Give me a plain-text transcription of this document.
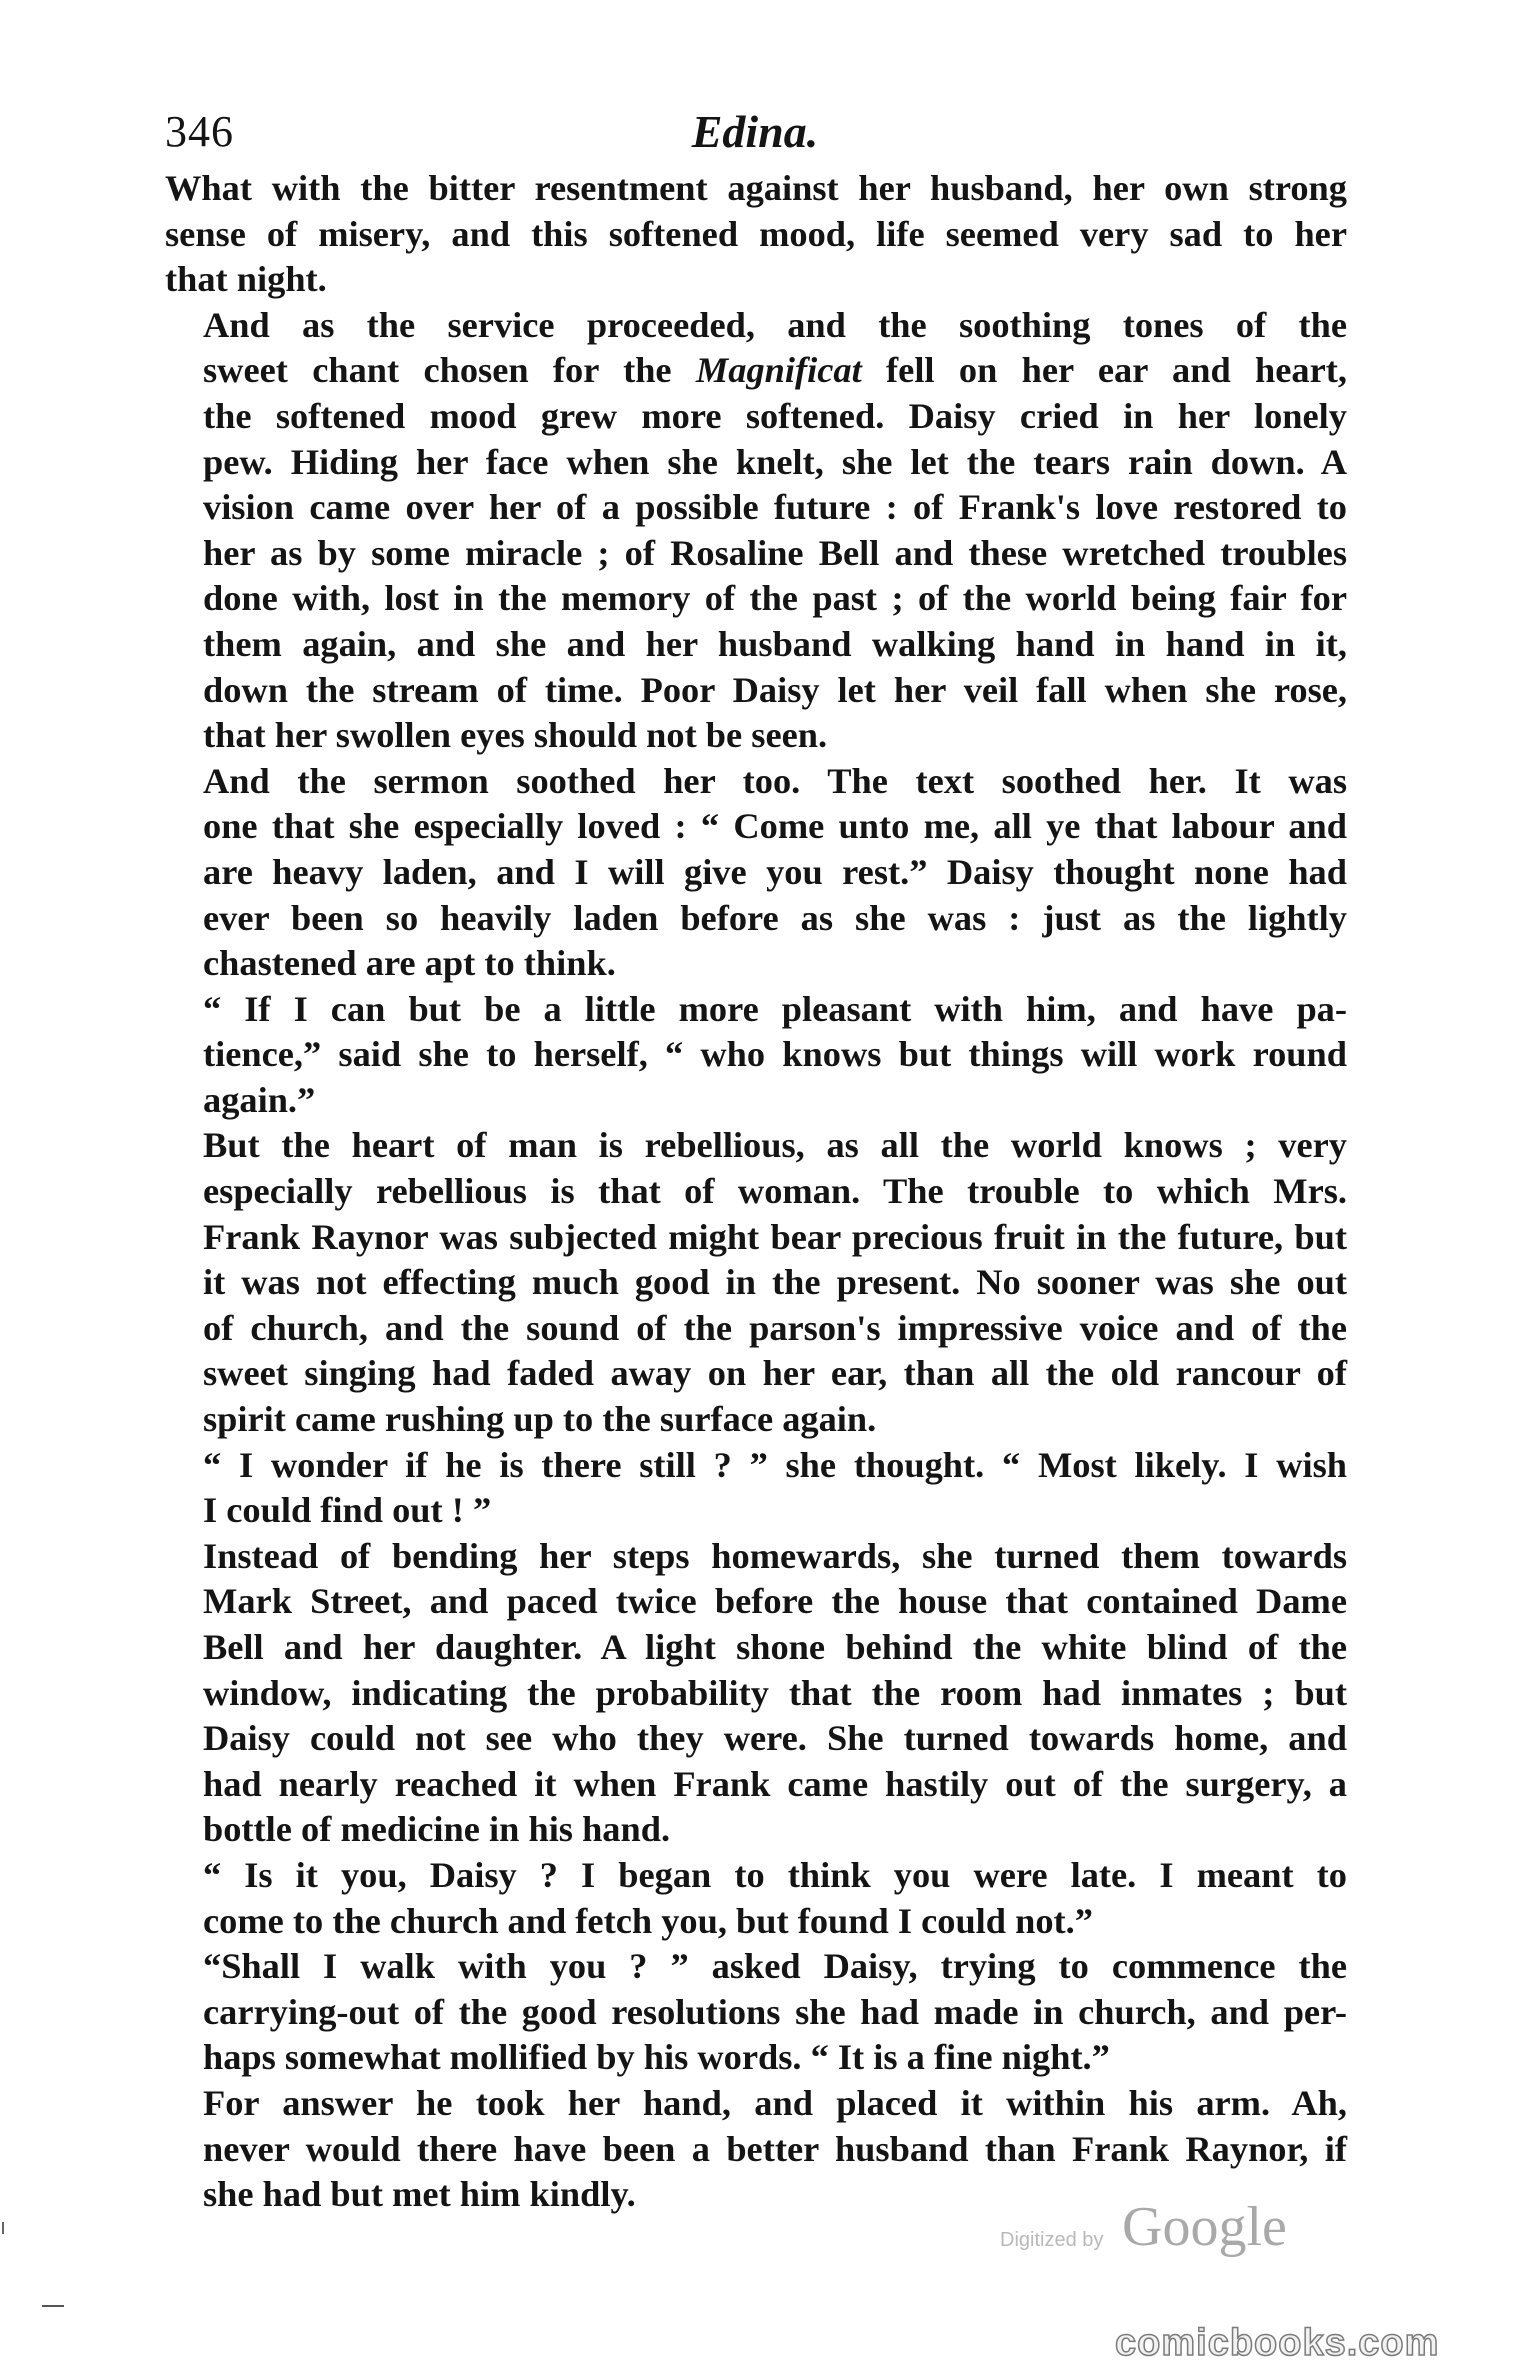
346	Edina.

What with the bitter resentment against her husband, her own strong
sense of misery, and this softened mood, life seemed very sad to her
that night.

And as the service proceeded, and the soothing tones of the
sweet chant chosen for the Magnificat fell on her ear and heart,
the softened mood grew more softened. Daisy cried in her lonely
pew. Hiding her face when she knelt, she let the tears rain down. A
vision came over her of a possible future : of Frank's love restored to
her as by some miracle ; of Rosaline Bell and these wretched troubles
done with, lost in the memory of the past ; of the world being fair for
them again, and she and her husband walking hand in hand in it,
down the stream of time. Poor Daisy let her veil fall when she rose,
that her swollen eyes should not be seen.

And the sermon soothed her too. The text soothed her. It was
one that she especially loved : “ Come unto me, all ye that labour and
are heavy laden, and I will give you rest.” Daisy thought none had
ever been so heavily laden before as she was : just as the lightly
chastened are apt to think.

“ If I can but be a little more pleasant with him, and have pa-
tience,” said she to herself, “ who knows but things will work round
again.”

But the heart of man is rebellious, as all the world knows ; very
especially rebellious is that of woman. The trouble to which Mrs.
Frank Raynor was subjected might bear precious fruit in the future, but
it was not effecting much good in the present. No sooner was she out
of church, and the sound of the parson's impressive voice and of the
sweet singing had faded away on her ear, than all the old rancour of
spirit came rushing up to the surface again.

“ I wonder if he is there still ? ” she thought. “ Most likely. I wish
I could find out ! ”

Instead of bending her steps homewards, she turned them towards
Mark Street, and paced twice before the house that contained Dame
Bell and her daughter. A light shone behind the white blind of the
window, indicating the probability that the room had inmates ; but
Daisy could not see who they were. She turned towards home, and
had nearly reached it when Frank came hastily out of the surgery, a
bottle of medicine in his hand.

“ Is it you, Daisy ? I began to think you were late. I meant to
come to the church and fetch you, but found I could not.”

“Shall I walk with you ? ” asked Daisy, trying to commence the
carrying-out of the good resolutions she had made in church, and per-
haps somewhat mollified by his words. “ It is a fine night.”

For answer he took her hand, and placed it within his arm. Ah,
never would there have been a better husband than Frank Raynor, if
she had but met him kindly.

Digitized by Google
comicbooks.com
